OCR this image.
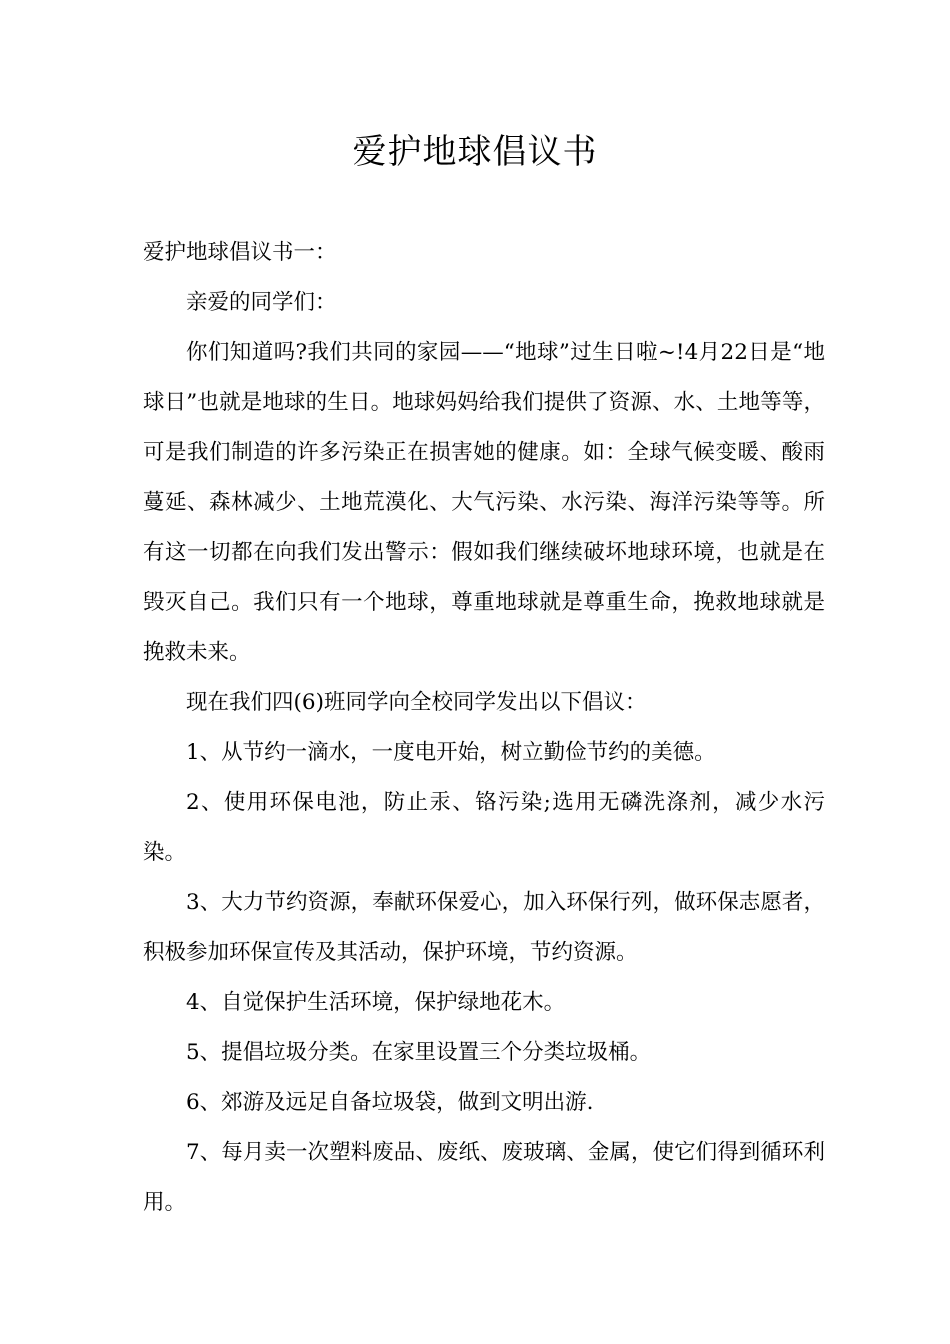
爱护地球倡议书

爱护地球倡议书一：

亲爱的同学们：

你们知道吗?我们共同的家园——“地球”过生日啦~!4月22日是“地球日”也就是地球的生日。地球妈妈给我们提供了资源、水、土地等等，可是我们制造的许多污染正在损害她的健康。如：全球气候变暖、酸雨蔓延、森林减少、土地荒漠化、大气污染、水污染、海洋污染等等。所有这一切都在向我们发出警示：假如我们继续破坏地球环境，也就是在毁灭自己。我们只有一个地球，尊重地球就是尊重生命，挽救地球就是挽救未来。

现在我们四(6)班同学向全校同学发出以下倡议：

1、从节约一滴水，一度电开始，树立勤俭节约的美德。

2、使用环保电池，防止汞、铬污染;选用无磷洗涤剂，减少水污染。

3、大力节约资源，奉献环保爱心，加入环保行列，做环保志愿者，积极参加环保宣传及其活动，保护环境，节约资源。

4、自觉保护生活环境，保护绿地花木。

5、提倡垃圾分类。在家里设置三个分类垃圾桶。

6、郊游及远足自备垃圾袋，做到文明出游.

7、每月卖一次塑料废品、废纸、废玻璃、金属，使它们得到循环利用。
